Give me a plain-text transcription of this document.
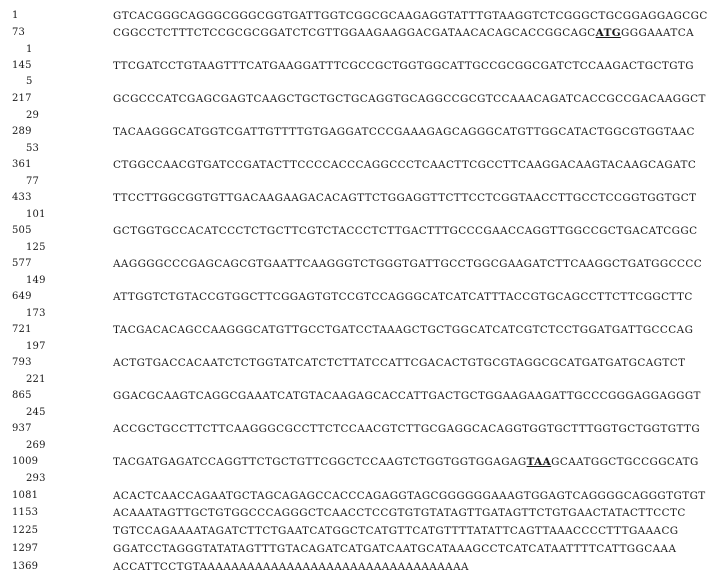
1	GTCACGGGCAGGGCGGGCGGTGATTGGTCGGCGCAAGAGGTATTTGTAAGGTCTCGGGCTGCGGAGGAGCGC
73	CGGCCTCTTTCTCCGCGCGGATCTCGTTGGAAGAAGGACGATAACACAGCACCGGCAGCATGGGGAAATCA
1
145	TTCGATCCTGTAAGTTTCATGAAGGATTTCGCCGCTGGTGGCATTGCCGCGGCGATCTCCAAGACTGCTGTG
5
217	GCGCCCATCGAGCGAGTCAAGCTGCTGCTGCAGGTGCAGGCCGCGTCCAAACAGATCACCGCCGACAAGGCT
29
289	TACAAGGGCATGGTCGATTGTTTTGTGAGGATCCCGAAAGAGCAGGGCATGTTGGCATACTGGCGTGGTAAC
53
361	CTGGCCAACGTGATCCGATACTTCCCCACCCAGGCCCTCAACTTCGCCTTCAAGGACAAGTACAAGCAGATC
77
433	TTCCTTGGCGGTGTTGACAAGAAGACACAGTTCTGGAGGTTCTTCCTCGGTAACCTTGCCTCCGGTGGTGCT
101
505	GCTGGTGCCACATCCCTCTGCTTCGTCTACCCTCTTGACTTTGCCCGAACCAGGTTGGCCGCTGACATCGGC
125
577	AAGGGGCCCGAGCAGCGTGAATTCAAGGGTCTGGGTGATTGCCTGGCGAAGATCTTCAAGGCTGATGGCCCC
149
649	ATTGGTCTGTACCGTGGCTTCGGAGTGTCCGTCCAGGGCATCATCATTTACCGTGCAGCCTTCTTCGGCTTC
173
721	TACGACACAGCCAAGGGCATGTTGCCTGATCCTAAAGCTGCTGGCATCATCGTCTCCTGGATGATTGCCCAG
197
793	ACTGTGACCACAATCTCTGGTATCATCTCTTATCCATTCGACACTGTGCGTAGGCGCATGATGATGCAGTCT
221
865	GGACGCAAGTCAGGCGAAATCATGTACAAGAGCACCATTGACTGCTGGAAGAAGATTGCCCGGGAGGAGGGT
245
937	ACCGCTGCCTTCTTCAAGGGCGCCTTCTCCAACGTCTTGCGAGGCACAGGTGGTGCTTTGGTGCTGGTGTTG
269
1009	TACGATGAGATCCAGGTTCTGCTGTTCGGCTCCAAGTCTGGTGGTGGAGAGTAAGCAATGGCTGCCGGCATG
293
1081	ACACTCAACCAGAATGCTAGCAGAGCCACCCAGAGGTAGCGGGGGGAAAGTGGAGTCAGGGGCAGGGTGTGT
1153	ACAAATAGTTGCTGTGGCCCAGGGCTCAACCTCCGTGTGTATAGTTGATAGTTCTGTGAACTATACTTCCTC
1225	TGTCCAGAAAATAGATCTTCTGAATCATGGCTCATGTTCATGTTTTATATTCAGTTAAACCCCTTTGAAACG
1297	GGATCCTAGGGTATATAGTTTGTACAGATCATGATCAATGCATAAAGCCTCATCATAATTTTCATTGGCAAA
1369	ACCATTCCTGTAAAAAAAAAAAAAAAAAAAAAAAAAAAAAAAAAA
